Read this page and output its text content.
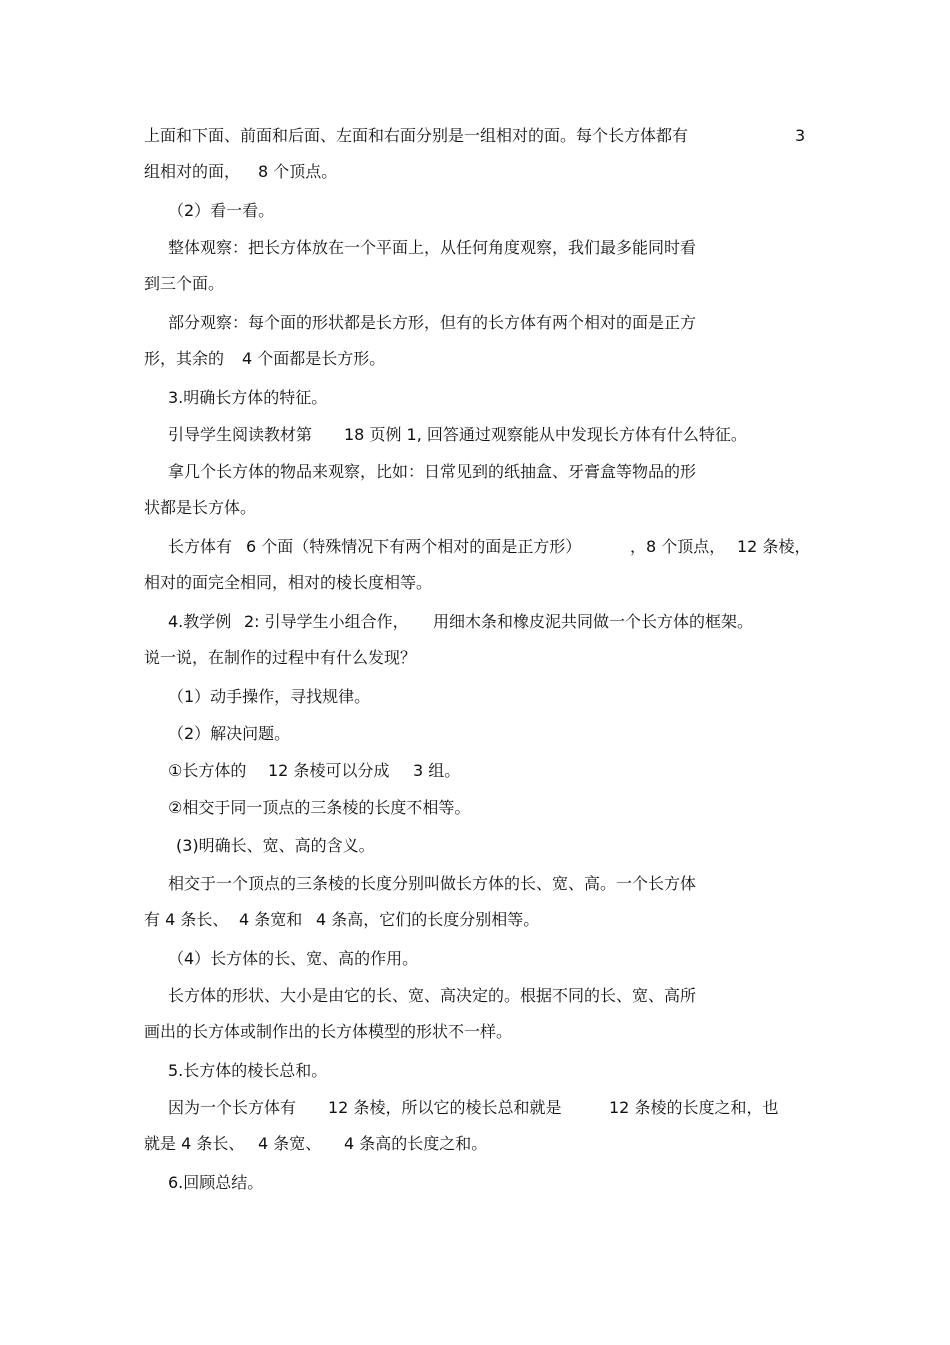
上面和下面、前面和后面、左面和右面分别是一组相对的面。每个长方体都有

	3

组相对的面，

8 个顶点。

（2）看一看。

整体观察：把长方体放在一个平面上，从任何角度观察，我们最多能同时看

到三个面。

部分观察：每个面的形状都是长方形，但有的长方体有两个相对的面是正方

形，其余的

4 个面都是长方形。

3.明确长方体的特征。

引导学生阅读教材第

18 页例 1, 回答通过观察能从中发现长方体有什么特征。

拿几个长方体的物品来观察，比如：日常见到的纸抽盒、牙膏盒等物品的形

状都是长方体。

长方体有

6 个面（特殊情况下有两个相对的面是正方形）

	，8 个顶点，

12 条棱，

相对的面完全相同，相对的棱长度相等。

4.教学例

2: 引导学生小组合作，

用细木条和橡皮泥共同做一个长方体的框架。

说一说，在制作的过程中有什么发现？

（1）动手操作，寻找规律。

（2）解决问题。

①长方体的

12 条棱可以分成

3 组。

②相交于同一顶点的三条棱的长度不相等。

(3)明确长、宽、高的含义。

相交于一个顶点的三条棱的长度分别叫做长方体的长、宽、高。一个长方体

有 4 条长、

4 条宽和

4 条高，它们的长度分别相等。

（4）长方体的长、宽、高的作用。

长方体的形状、大小是由它的长、宽、高决定的。根据不同的长、宽、高所

画出的长方体或制作出的长方体模型的形状不一样。

5.长方体的棱长总和。

因为一个长方体有

12 条棱，所以它的棱长总和就是

	12 条棱的长度之和，也

就是 4 条长、

4 条宽、

4 条高的长度之和。

6.回顾总结。
